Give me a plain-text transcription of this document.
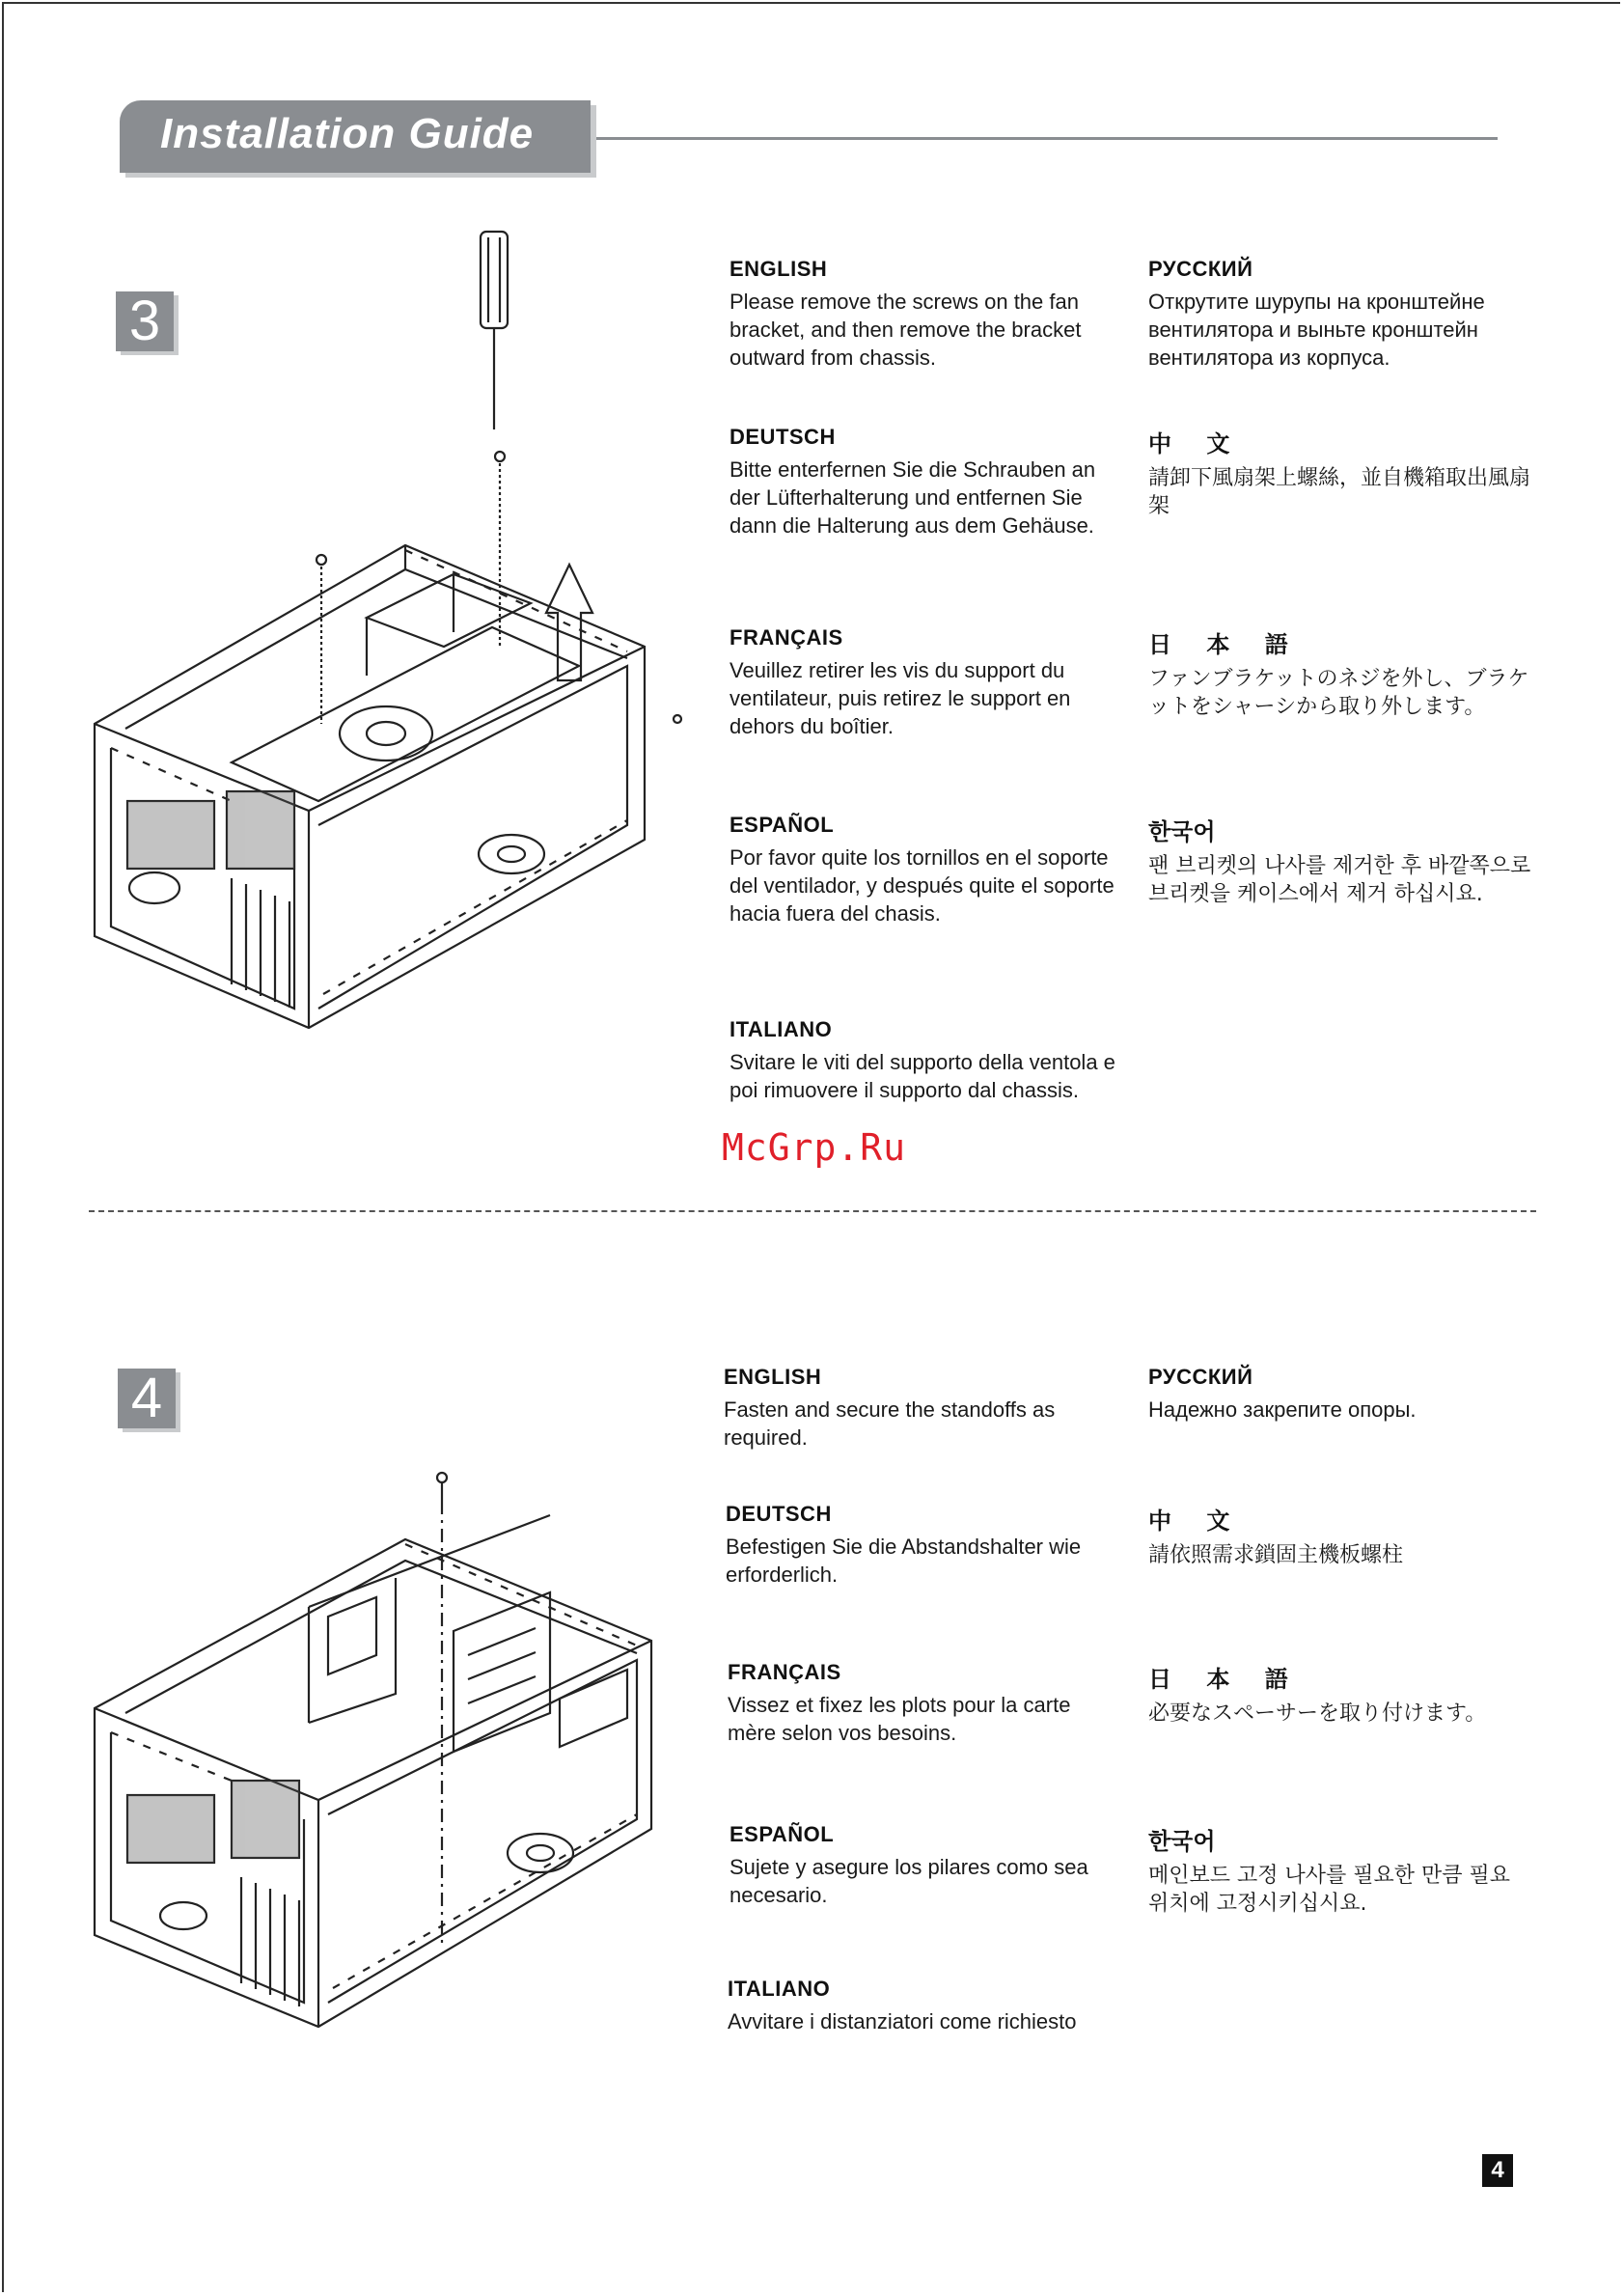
Installation Guide
3
ENGLISH
Please remove the screws on the fan bracket, and then remove the bracket outward from chassis.
DEUTSCH
Bitte enterfernen Sie die Schrauben an der Lüfterhalterung und entfernen Sie dann die Halterung aus dem Gehäuse.
FRANÇAIS
Veuillez retirer les vis du support du ventilateur, puis retirez le support en dehors du boîtier.
ESPAÑOL
Por favor quite los tornillos en el soporte del ventilador, y después quite el soporte hacia fuera del chasis.
ITALIANO
Svitare le viti del supporto della ventola e poi rimuovere il supporto dal chassis.
РУССКИЙ
Открутите шурупы на кронштейне вентилятора и выньте кронштейн вентилятора из корпуса.
中 文
請卸下風扇架上螺絲，並自機箱取出風扇架
日 本 語
ファンブラケットのネジを外し、ブラケットをシャーシから取り外します。
한국어
팬 브리켓의 나사를 제거한 후 바깥쪽으로 브리켓을 케이스에서 제거 하십시요.
McGrp.Ru
4	ENGLISH
Fasten and secure the standoffs as required.
DEUTSCH
Befestigen Sie die Abstandshalter wie erforderlich.
FRANÇAIS
Vissez et fixez les plots pour la carte mère selon vos besoins.
ESPAÑOL
Sujete y asegure los pilares como sea necesario.
ITALIANO
Avvitare i distanziatori come richiesto
РУССКИЙ
Надежно закрепите опоры.
中 文
請依照需求鎖固主機板螺柱
日 本 語
必要なスペーサーを取り付けます。
한국어
메인보드 고정 나사를 필요한 만큼 필요 위치에 고정시키십시요.
4
